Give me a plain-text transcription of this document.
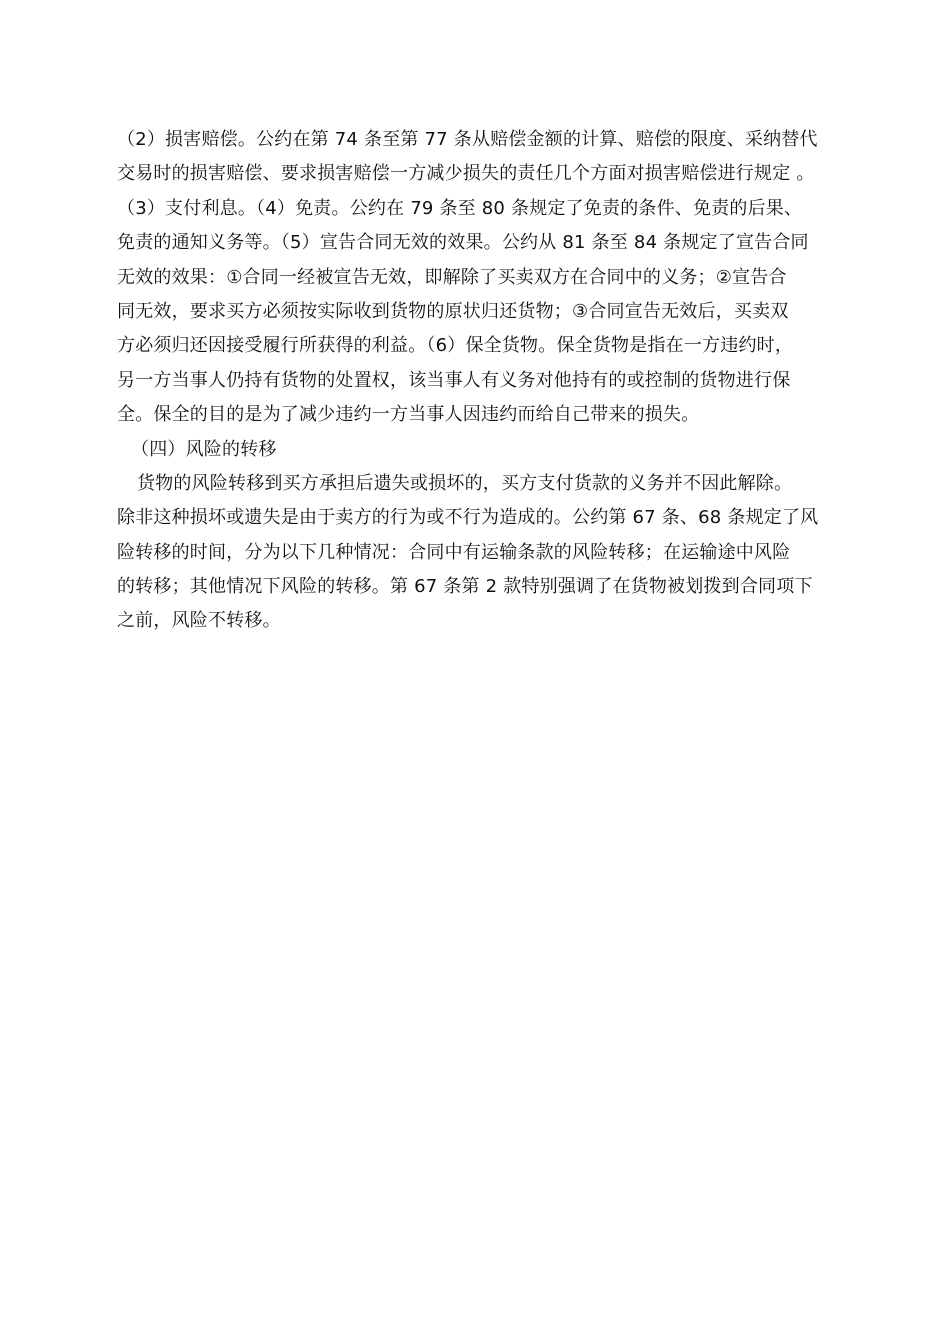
（2）损害赔偿。公约在第 74 条至第 77 条从赔偿金额的计算、赔偿的限度、采纳替代
交易时的损害赔偿、要求损害赔偿一方减少损失的责任几个方面对损害赔偿进行规定 。
（3）支付利息。（4）免责。公约在 79 条至 80 条规定了免责的条件、免责的后果、
免责的通知义务等。（5）宣告合同无效的效果。公约从 81 条至 84 条规定了宣告合同
无效的效果：①合同一经被宣告无效，即解除了买卖双方在合同中的义务；②宣告合
同无效，要求买方必须按实际收到货物的原状归还货物；③合同宣告无效后，买卖双
方必须归还因接受履行所获得的利益。（6）保全货物。保全货物是指在一方违约时，
另一方当事人仍持有货物的处置权，该当事人有义务对他持有的或控制的货物进行保
全。保全的目的是为了减少违约一方当事人因违约而给自己带来的损失。
（四）风险的转移
货物的风险转移到买方承担后遗失或损坏的，买方支付货款的义务并不因此解除。
除非这种损坏或遗失是由于卖方的行为或不行为造成的。公约第 67 条、68 条规定了风
险转移的时间，分为以下几种情况：合同中有运输条款的风险转移；在运输途中风险
的转移；其他情况下风险的转移。第 67 条第 2 款特别强调了在货物被划拨到合同项下
之前，风险不转移。
